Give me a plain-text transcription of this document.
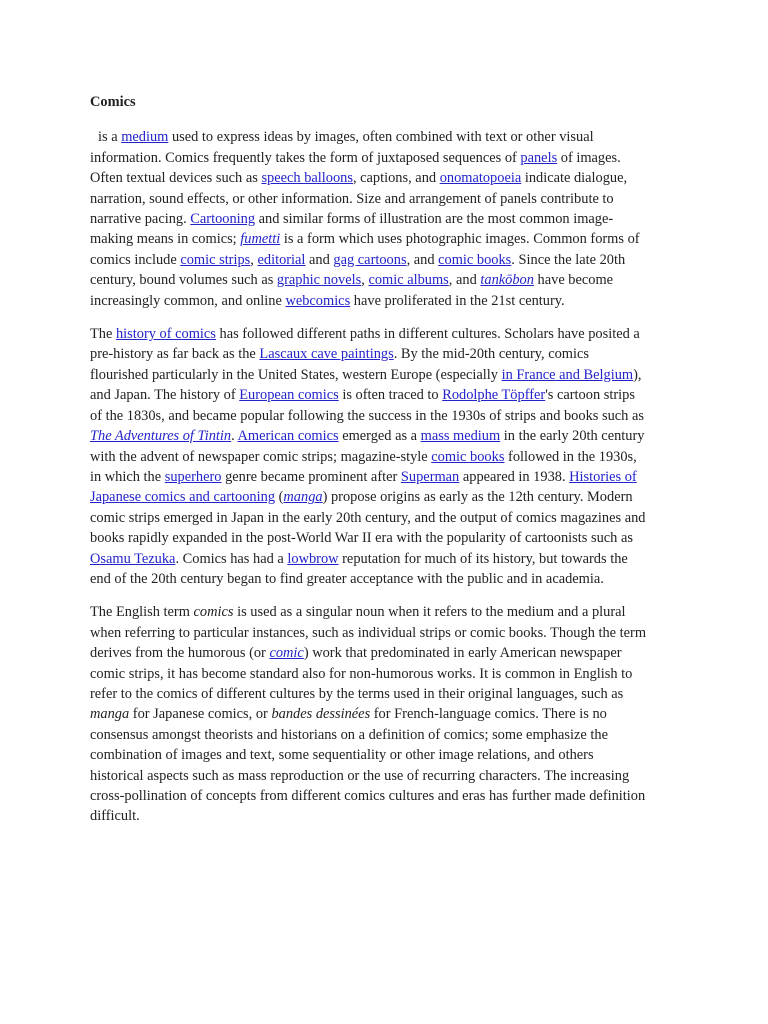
Comics

is a medium used to express ideas by images, often combined with text or other visual information. Comics frequently takes the form of juxtaposed sequences of panels of images. Often textual devices such as speech balloons, captions, and onomatopoeia indicate dialogue, narration, sound effects, or other information. Size and arrangement of panels contribute to narrative pacing. Cartooning and similar forms of illustration are the most common image-making means in comics; fumetti is a form which uses photographic images. Common forms of comics include comic strips, editorial and gag cartoons, and comic books. Since the late 20th century, bound volumes such as graphic novels, comic albums, and tankōbon have become increasingly common, and online webcomics have proliferated in the 21st century.

The history of comics has followed different paths in different cultures. Scholars have posited a pre-history as far back as the Lascaux cave paintings. By the mid-20th century, comics flourished particularly in the United States, western Europe (especially in France and Belgium), and Japan. The history of European comics is often traced to Rodolphe Töpffer's cartoon strips of the 1830s, and became popular following the success in the 1930s of strips and books such as The Adventures of Tintin. American comics emerged as a mass medium in the early 20th century with the advent of newspaper comic strips; magazine-style comic books followed in the 1930s, in which the superhero genre became prominent after Superman appeared in 1938. Histories of Japanese comics and cartooning (manga) propose origins as early as the 12th century. Modern comic strips emerged in Japan in the early 20th century, and the output of comics magazines and books rapidly expanded in the post-World War II era with the popularity of cartoonists such as Osamu Tezuka. Comics has had a lowbrow reputation for much of its history, but towards the end of the 20th century began to find greater acceptance with the public and in academia.

The English term comics is used as a singular noun when it refers to the medium and a plural when referring to particular instances, such as individual strips or comic books. Though the term derives from the humorous (or comic) work that predominated in early American newspaper comic strips, it has become standard also for non-humorous works. It is common in English to refer to the comics of different cultures by the terms used in their original languages, such as manga for Japanese comics, or bandes dessinées for French-language comics. There is no consensus amongst theorists and historians on a definition of comics; some emphasize the combination of images and text, some sequentiality or other image relations, and others historical aspects such as mass reproduction or the use of recurring characters. The increasing cross-pollination of concepts from different comics cultures and eras has further made definition difficult.
